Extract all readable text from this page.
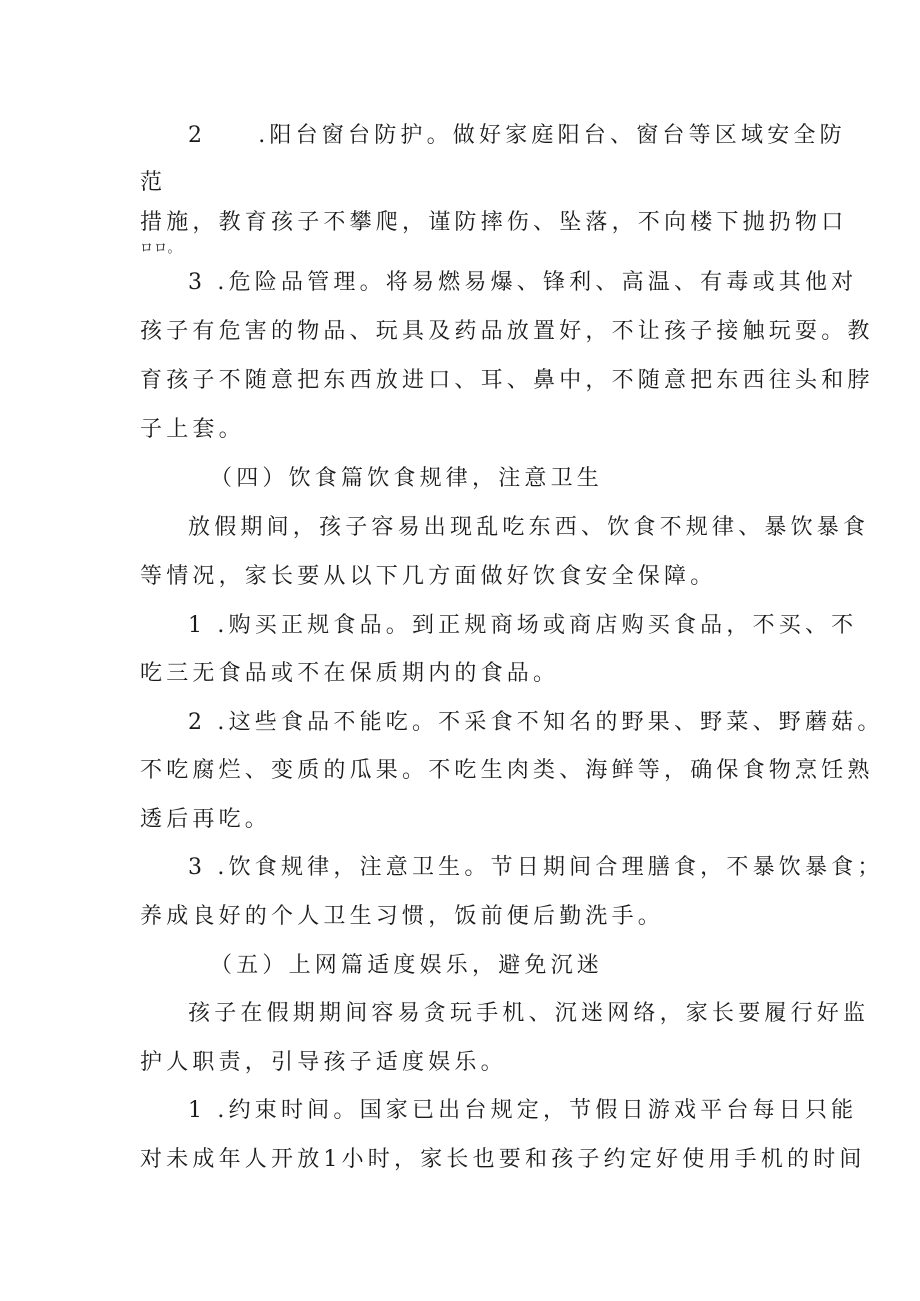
2 .阳台窗台防护。做好家庭阳台、窗台等区域安全防
范
措施，教育孩子不攀爬，谨防摔伤、坠落，不向楼下抛扔物口
ロロ。
3 .危险品管理。将易燃易爆、锋利、高温、有毒或其他对
孩子有危害的物品、玩具及药品放置好，不让孩子接触玩耍。教
育孩子不随意把东西放进口、耳、鼻中，不随意把东西往头和脖
子上套。
（四）饮食篇饮食规律，注意卫生
放假期间，孩子容易出现乱吃东西、饮食不规律、暴饮暴食
等情况，家长要从以下几方面做好饮食安全保障。
1 .购买正规食品。到正规商场或商店购买食品，不买、不
吃三无食品或不在保质期内的食品。
2 .这些食品不能吃。不采食不知名的野果、野菜、野蘑菇。
不吃腐烂、变质的瓜果。不吃生肉类、海鲜等，确保食物烹饪熟
透后再吃。
3 .饮食规律，注意卫生。节日期间合理膳食，不暴饮暴食；
养成良好的个人卫生习惯，饭前便后勤洗手。
（五）上网篇适度娱乐，避免沉迷
孩子在假期期间容易贪玩手机、沉迷网络，家长要履行好监
护人职责，引导孩子适度娱乐。
1 .约束时间。国家已出台规定，节假日游戏平台每日只能
对未成年人开放1小时，家长也要和孩子约定好使用手机的时间
